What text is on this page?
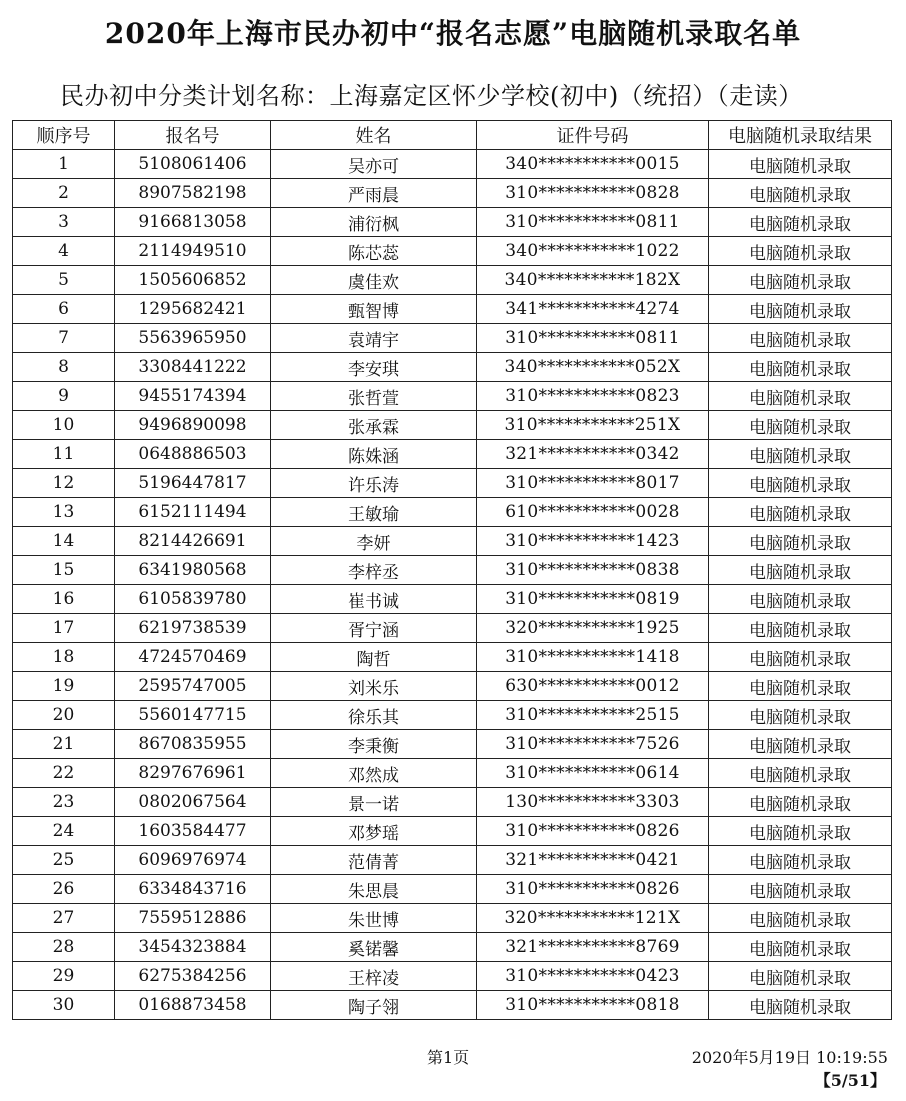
2020年上海市民办初中“报名志愿”电脑随机录取名单
民办初中分类计划名称：上海嘉定区怀少学校(初中)（统招）（走读）
顺序号	报名号	姓名	证件号码	电脑随机录取结果
1	5108061406	吴亦可	340***********0015	电脑随机录取
2	8907582198	严雨晨	310***********0828	电脑随机录取
3	9166813058	浦衍枫	310***********0811	电脑随机录取
4	2114949510	陈芯蕊	340***********1022	电脑随机录取
5	1505606852	虞佳欢	340***********182X	电脑随机录取
6	1295682421	甄智博	341***********4274	电脑随机录取
7	5563965950	袁靖宇	310***********0811	电脑随机录取
8	3308441222	李安琪	340***********052X	电脑随机录取
9	9455174394	张哲萱	310***********0823	电脑随机录取
10	9496890098	张承霖	310***********251X	电脑随机录取
11	0648886503	陈姝涵	321***********0342	电脑随机录取
12	5196447817	许乐涛	310***********8017	电脑随机录取
13	6152111494	王敏瑜	610***********0028	电脑随机录取
14	8214426691	李妍	310***********1423	电脑随机录取
15	6341980568	李梓丞	310***********0838	电脑随机录取
16	6105839780	崔书诚	310***********0819	电脑随机录取
17	6219738539	胥宁涵	320***********1925	电脑随机录取
18	4724570469	陶哲	310***********1418	电脑随机录取
19	2595747005	刘米乐	630***********0012	电脑随机录取
20	5560147715	徐乐其	310***********2515	电脑随机录取
21	8670835955	李秉衡	310***********7526	电脑随机录取
22	8297676961	邓然成	310***********0614	电脑随机录取
23	0802067564	景一诺	130***********3303	电脑随机录取
24	1603584477	邓梦瑶	310***********0826	电脑随机录取
25	6096976974	范倩菁	321***********0421	电脑随机录取
26	6334843716	朱思晨	310***********0826	电脑随机录取
27	7559512886	朱世博	320***********121X	电脑随机录取
28	3454323884	奚锘馨	321***********8769	电脑随机录取
29	6275384256	王梓凌	310***********0423	电脑随机录取
30	0168873458	陶子翎	310***********0818	电脑随机录取
第1页	2020年5月19日 10:19:55
【5/51】
